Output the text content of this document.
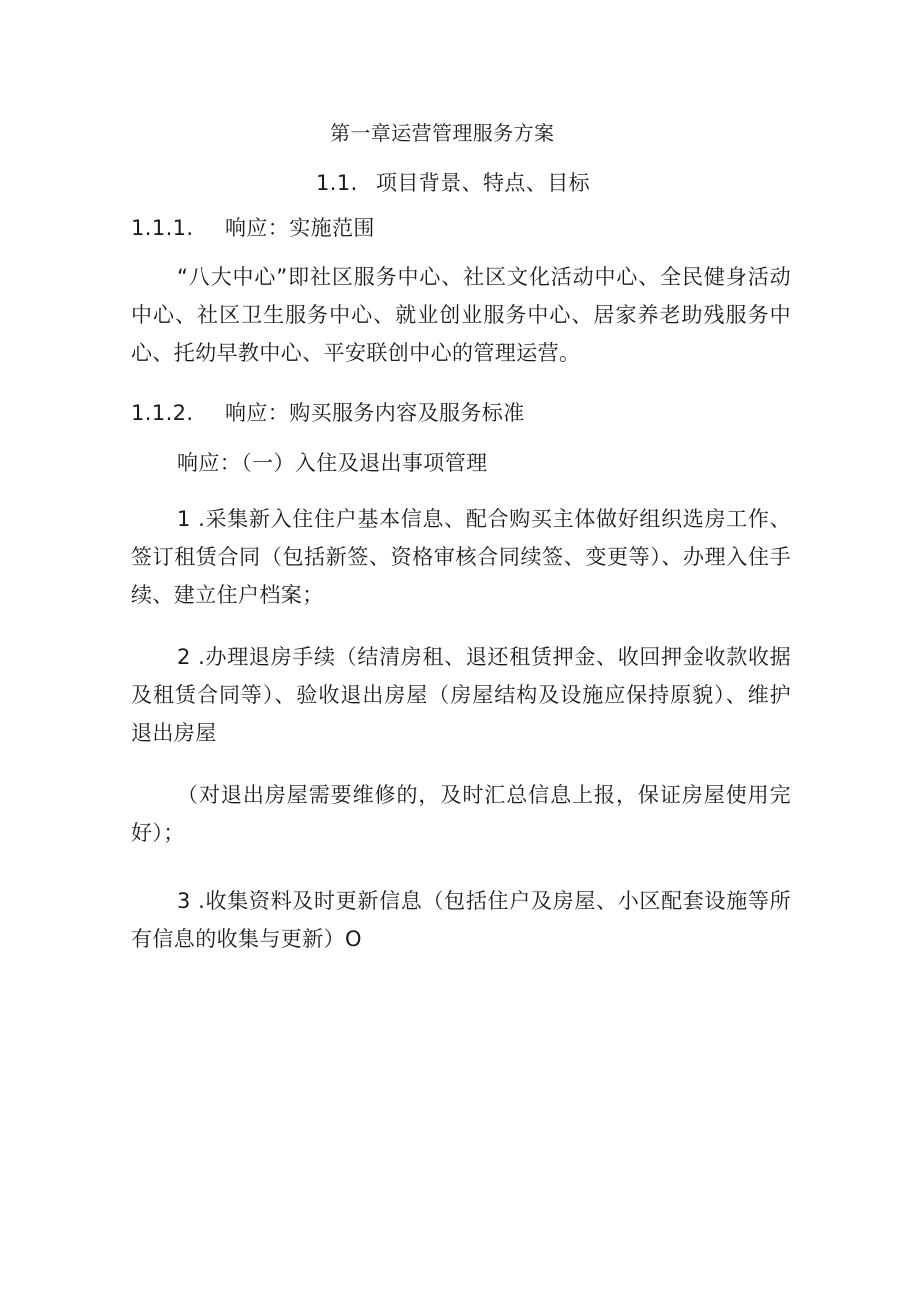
第一章运营管理服务方案
1.1. 项目背景、特点、目标
1.1.1. 响应：实施范围
“八大中心”即社区服务中心、社区文化活动中心、全民健身活动中心、社区卫生服务中心、就业创业服务中心、居家养老助残服务中心、托幼早教中心、平安联创中心的管理运营。
1.1.2. 响应：购买服务内容及服务标准
响应：（一）入住及退出事项管理
1 .采集新入住住户基本信息、配合购买主体做好组织选房工作、签订租赁合同（包括新签、资格审核合同续签、变更等）、办理入住手续、建立住户档案；
2 .办理退房手续（结清房租、退还租赁押金、收回押金收款收据及租赁合同等）、验收退出房屋（房屋结构及设施应保持原貌）、维护退出房屋
（对退出房屋需要维修的，及时汇总信息上报，保证房屋使用完好）；
3 .收集资料及时更新信息（包括住户及房屋、小区配套设施等所有信息的收集与更新）O
